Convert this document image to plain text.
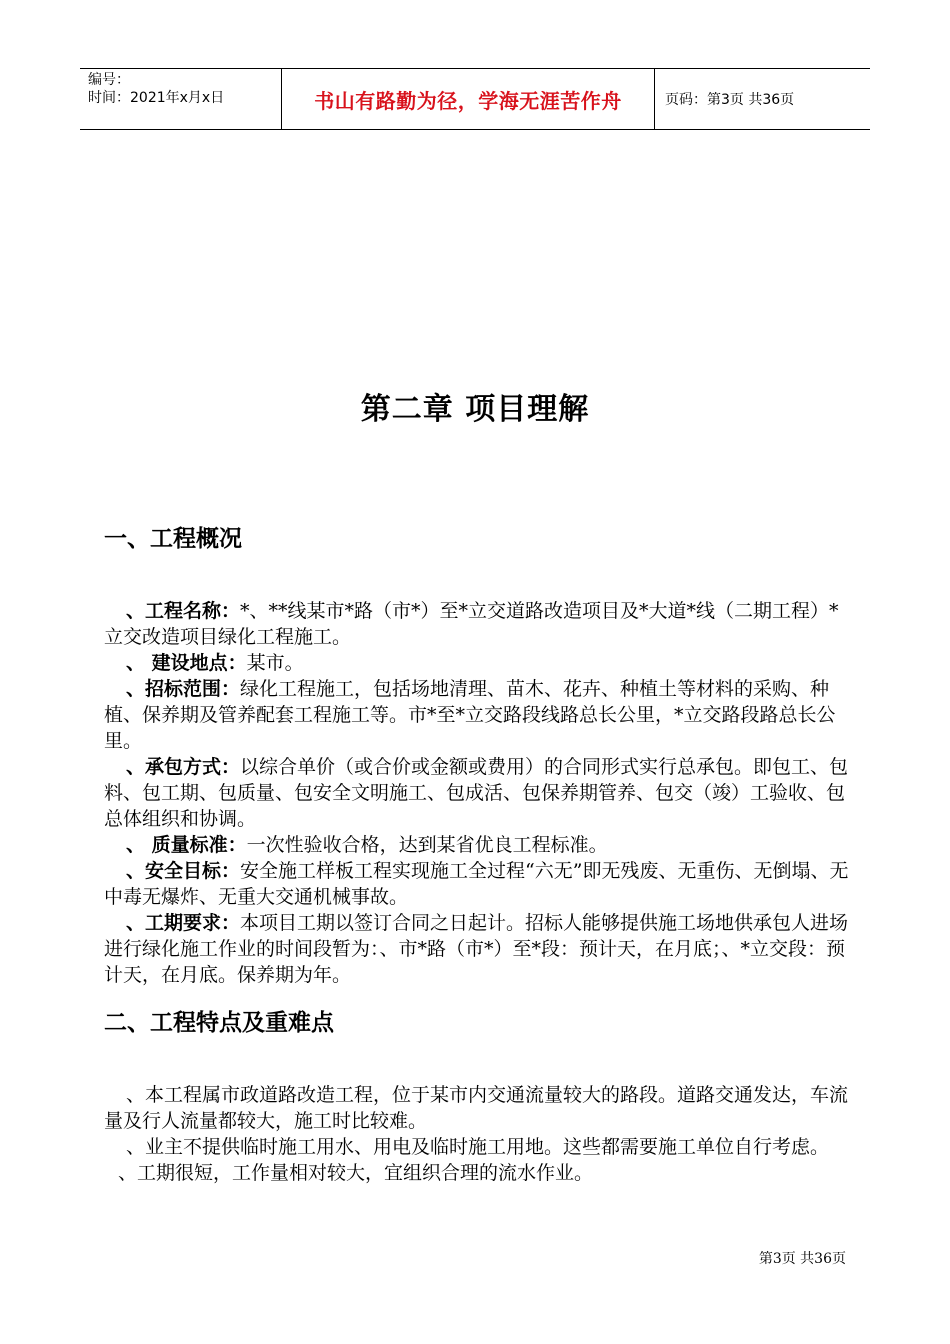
编号：
时间：2021年x月x日	书山有路勤为径，学海无涯苦作舟	页码：第3页 共36页
第二章 项目理解
一、工程概况

、工程名称：*、**线某市*路（市*）至*立交道路改造项目及*大道*线（二期工程）*立交改造项目绿化工程施工。

、 建设地点：某市。

、招标范围：绿化工程施工，包括场地清理、苗木、花卉、种植土等材料的采购、种植、保养期及管养配套工程施工等。市*至*立交路段线路总长公里，*立交路段路总长公里。

、承包方式：以综合单价（或合价或金额或费用）的合同形式实行总承包。即包工、包料、包工期、包质量、包安全文明施工、包成活、包保养期管养、包交（竣）工验收、包总体组织和协调。

、 质量标准：一次性验收合格，达到某省优良工程标准。

、安全目标：安全施工样板工程实现施工全过程“六无”即无残废、无重伤、无倒塌、无中毒无爆炸、无重大交通机械事故。

、工期要求：本项目工期以签订合同之日起计。招标人能够提供施工场地供承包人进场进行绿化施工作业的时间段暂为：、市*路（市*）至*段：预计天，在月底；、*立交段：预计天，在月底。保养期为年。

二、工程特点及重难点

、本工程属市政道路改造工程，位于某市内交通流量较大的路段。道路交通发达，车流量及行人流量都较大，施工时比较难。

、业主不提供临时施工用水、用电及临时施工用地。这些都需要施工单位自行考虑。

、工期很短，工作量相对较大，宜组织合理的流水作业。

第3页 共36页
